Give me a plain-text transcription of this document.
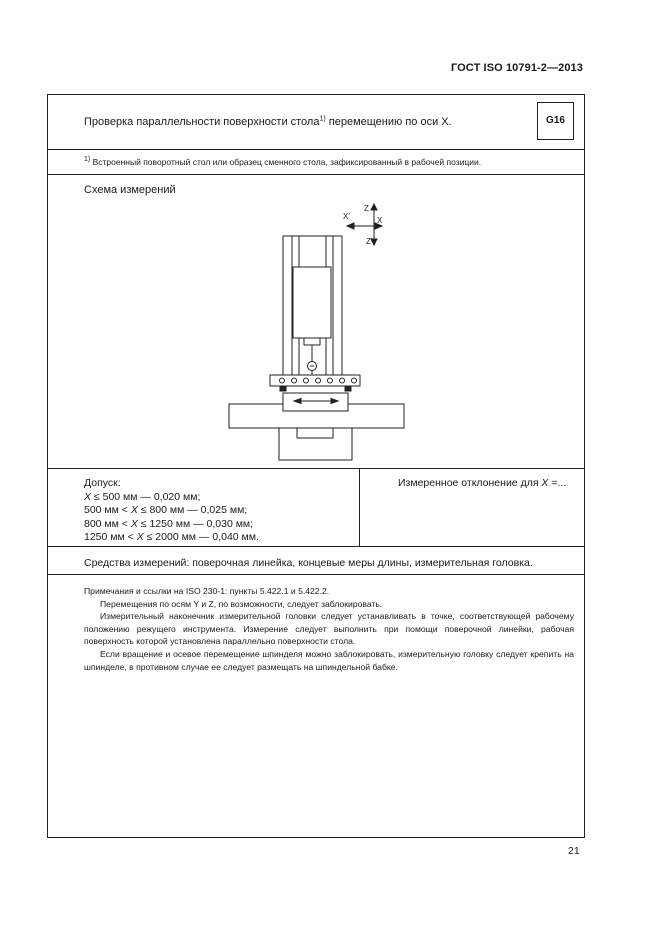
ГОСТ ISO 10791-2—2013
Проверка параллельности поверхности стола$^{1)}$ перемещению по оси X.	G16
$^{1)}$ Встроенный поворотный стол или образец сменного стола, зафиксированный в рабочей позиции.
Схема измерений
Z
X'	X
Z'
Допуск:
X ≤ 500 мм — 0,020 мм;
500 мм < X ≤ 800 мм — 0,025 мм;
800 мм < X ≤ 1250 мм — 0,030 мм;
1250 мм < X ≤ 2000 мм — 0,040 мм.
Измеренное отклонение для X =...
Средства измерений: поверочная линейка, концевые меры длины, измерительная головка.

Примечания и ссылки на ISO 230-1: пункты 5.422.1 и 5.422.2.

Перемещения по осям Y и Z, по возможности, следует заблокировать.

Измерительный наконечник измерительной головки следует устанавливать в точке, соответствующей рабочему положению режущего инструмента. Измерение следует выполнить при помощи поверочной линейки, рабочая поверхность которой установлена параллельно поверхности стола.

Если вращение и осевое перемещение шпинделя можно заблокировать, измерительную головку следует крепить на шпинделе, в противном случае ее следует размещать на шпиндельной бабке.

21
